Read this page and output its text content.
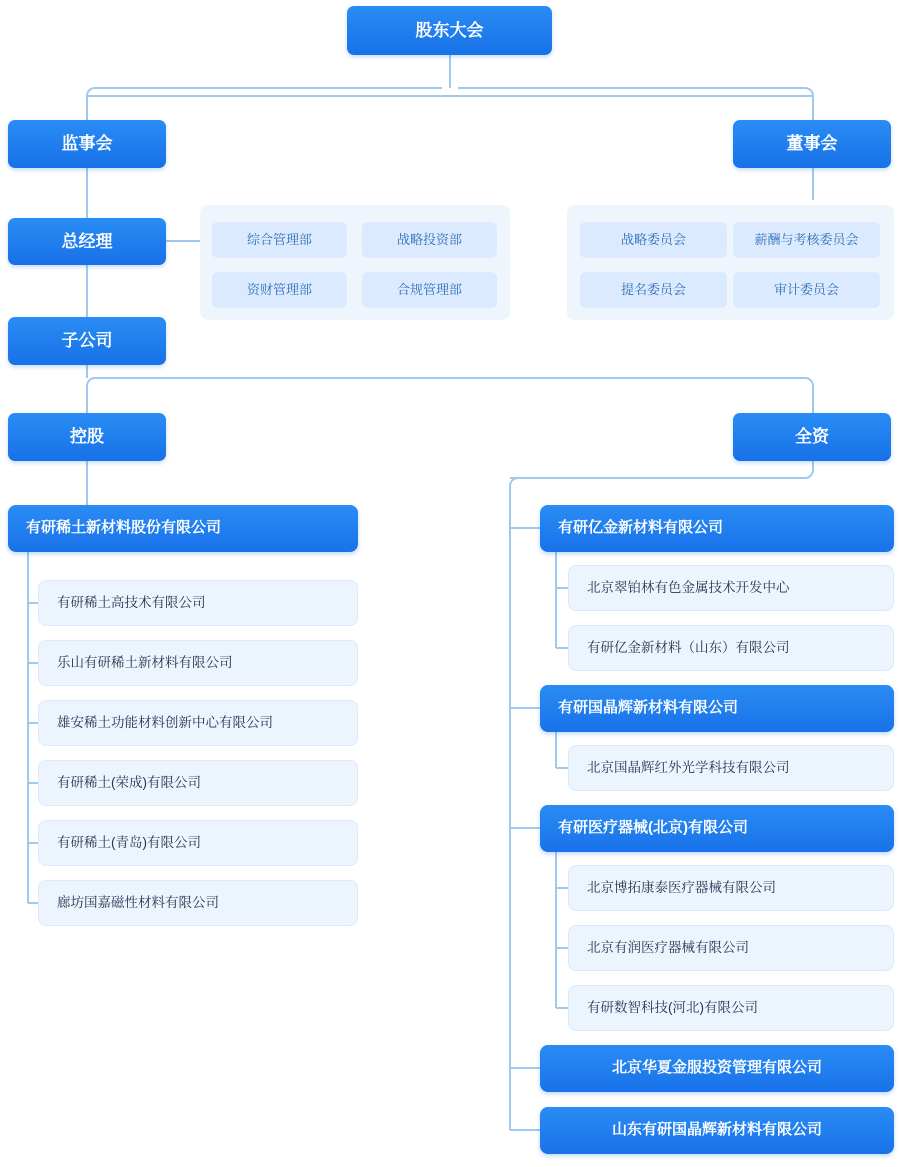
股东大会
监事会	董事会
总经理
子公司
控股	全资
综合管理部	战略投资部
资财管理部	合规管理部
战略委员会	薪酬与考核委员会
提名委员会	审计委员会
有研稀土新材料股份有限公司
有研稀土高技术有限公司
乐山有研稀土新材料有限公司
雄安稀土功能材料创新中心有限公司
有研稀土(荣成)有限公司
有研稀土(青岛)有限公司
廊坊国嘉磁性材料有限公司
有研亿金新材料有限公司
北京翠铂林有色金属技术开发中心
有研亿金新材料（山东）有限公司
有研国晶辉新材料有限公司
北京国晶辉红外光学科技有限公司
有研医疗器械(北京)有限公司
北京博拓康泰医疗器械有限公司
北京有润医疗器械有限公司
有研数智科技(河北)有限公司
北京华夏金服投资管理有限公司
山东有研国晶辉新材料有限公司
